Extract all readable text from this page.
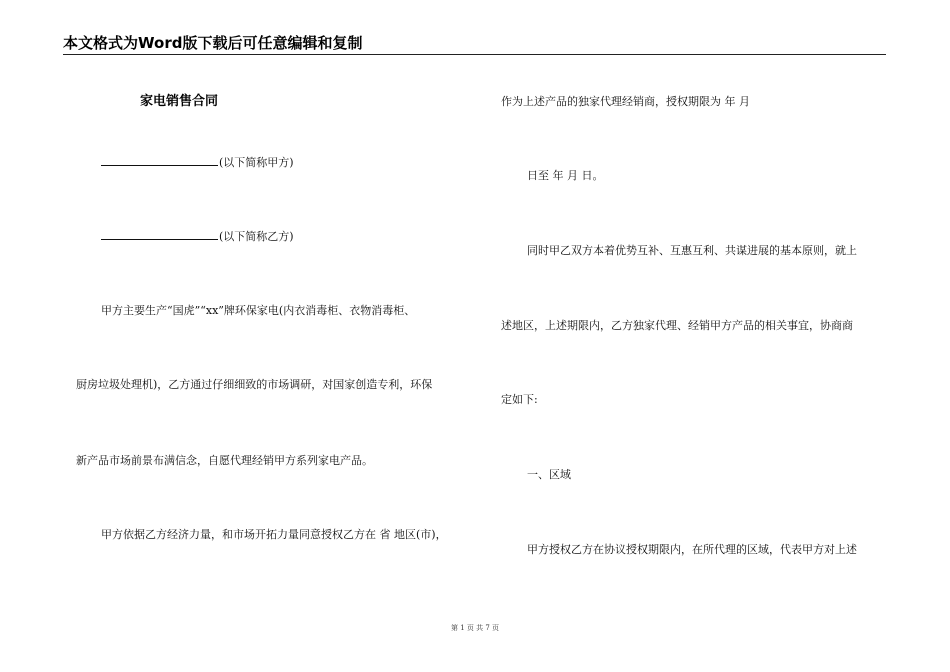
本文格式为Word版下载后可任意编辑和复制
家电销售合同
(以下简称甲方)
(以下简称乙方)
甲方主要生产“国虎”“xx”牌环保家电(内衣消毒柜、衣物消毒柜、
厨房垃圾处理机)，乙方通过仔细细致的市场调研，对国家创造专利，环保
新产品市场前景布满信念，自愿代理经销甲方系列家电产品。
甲方依据乙方经济力量，和市场开拓力量同意授权乙方在 省 地区(市)，
作为上述产品的独家代理经销商，授权期限为 年 月
日至 年 月 日。
同时甲乙双方本着优势互补、互惠互利、共谋进展的基本原则，就上
述地区，上述期限内，乙方独家代理、经销甲方产品的相关事宜，协商商
定如下:
一、区域
甲方授权乙方在协议授权期限内，在所代理的区域，代表甲方对上述
第 1 页 共 7 页
